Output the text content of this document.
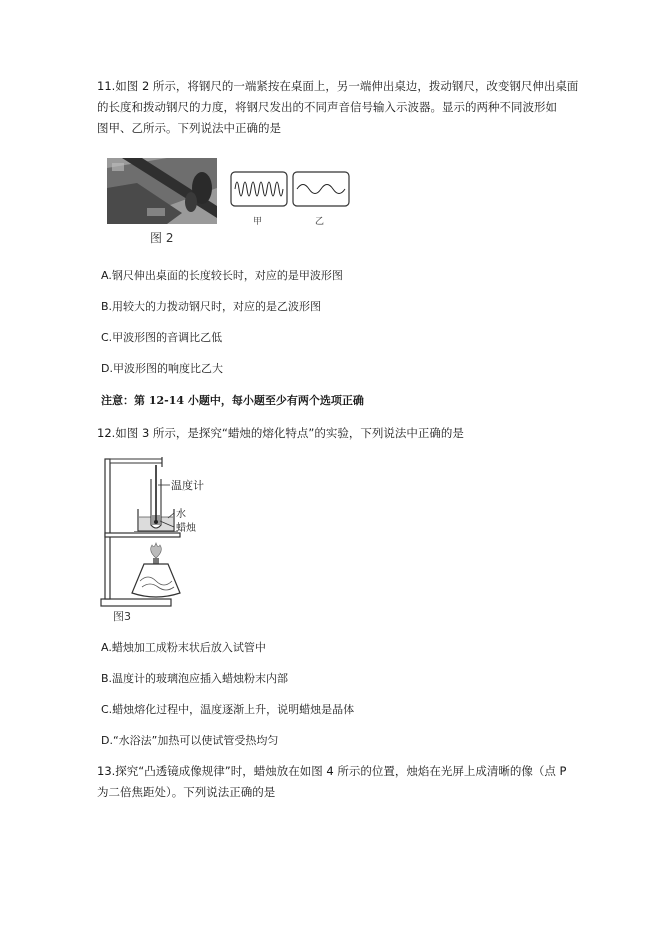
11.如图 2 所示，将钢尺的一端紧按在桌面上，另一端伸出桌边，拨动钢尺，改变钢尺伸出桌面
的长度和拨动钢尺的力度，将钢尺发出的不同声音信号输入示波器。显示的两种不同波形如
图甲、乙所示。下列说法中正确的是
图 2
甲	乙
A.钢尺伸出桌面的长度较长时，对应的是甲波形图
B.用较大的力拨动钢尺时，对应的是乙波形图
C.甲波形图的音调比乙低
D.甲波形图的响度比乙大
注意：第 12-14 小题中，每小题至少有两个选项正确
12.如图 3 所示，是探究“蜡烛的熔化特点”的实验，下列说法中正确的是
温度计
水
蜡烛
图3
A.蜡烛加工成粉末状后放入试管中
B.温度计的玻璃泡应插入蜡烛粉末内部
C.蜡烛熔化过程中，温度逐渐上升，说明蜡烛是晶体
D.“水浴法”加热可以使试管受热均匀
13.探究“凸透镜成像规律”时，蜡烛放在如图 4 所示的位置，烛焰在光屏上成清晰的像（点 P
为二倍焦距处）。下列说法正确的是
